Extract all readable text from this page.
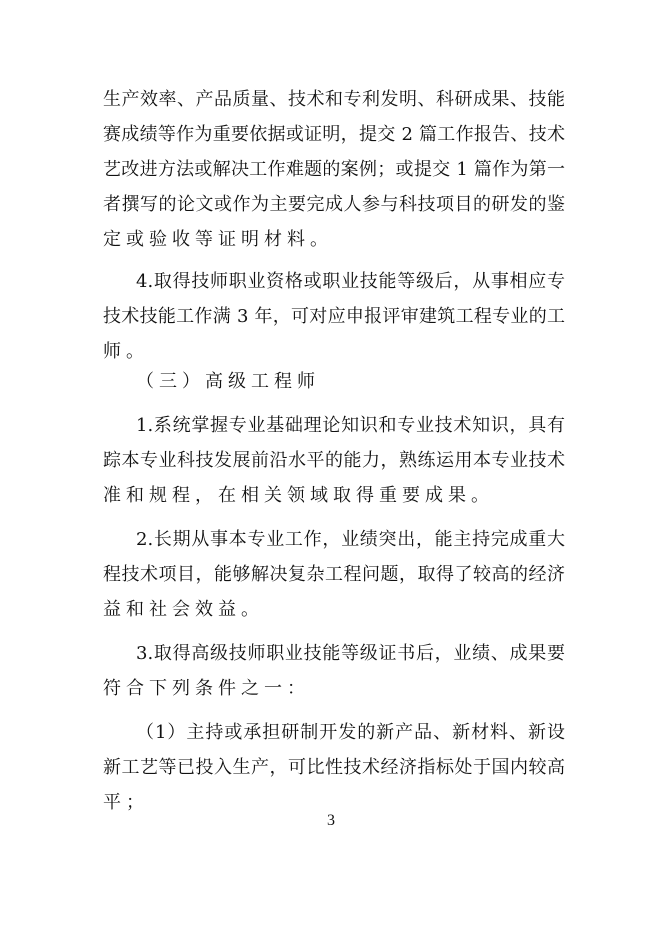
生产效率、产品质量、技术和专利发明、科研成果、技能
赛成绩等作为重要依据或证明，提交 2 篇工作报告、技术
艺改进方法或解决工作难题的案例；或提交 1 篇作为第一
者撰写的论文或作为主要完成人参与科技项目的研发的鉴
定或验收等证明材料。
4.取得技师职业资格或职业技能等级后，从事相应专
技术技能工作满 3 年，可对应申报评审建筑工程专业的工
师。
（三）高级工程师
1.系统掌握专业基础理论知识和专业技术知识，具有
踪本专业科技发展前沿水平的能力，熟练运用本专业技术
准和规程，在相关领域取得重要成果。
2.长期从事本专业工作，业绩突出，能主持完成重大
程技术项目，能够解决复杂工程问题，取得了较高的经济
益和社会效益。
3.取得高级技师职业技能等级证书后，业绩、成果要
符合下列条件之一：
（1）主持或承担研制开发的新产品、新材料、新设
新工艺等已投入生产，可比性技术经济指标处于国内较高
平；
3
